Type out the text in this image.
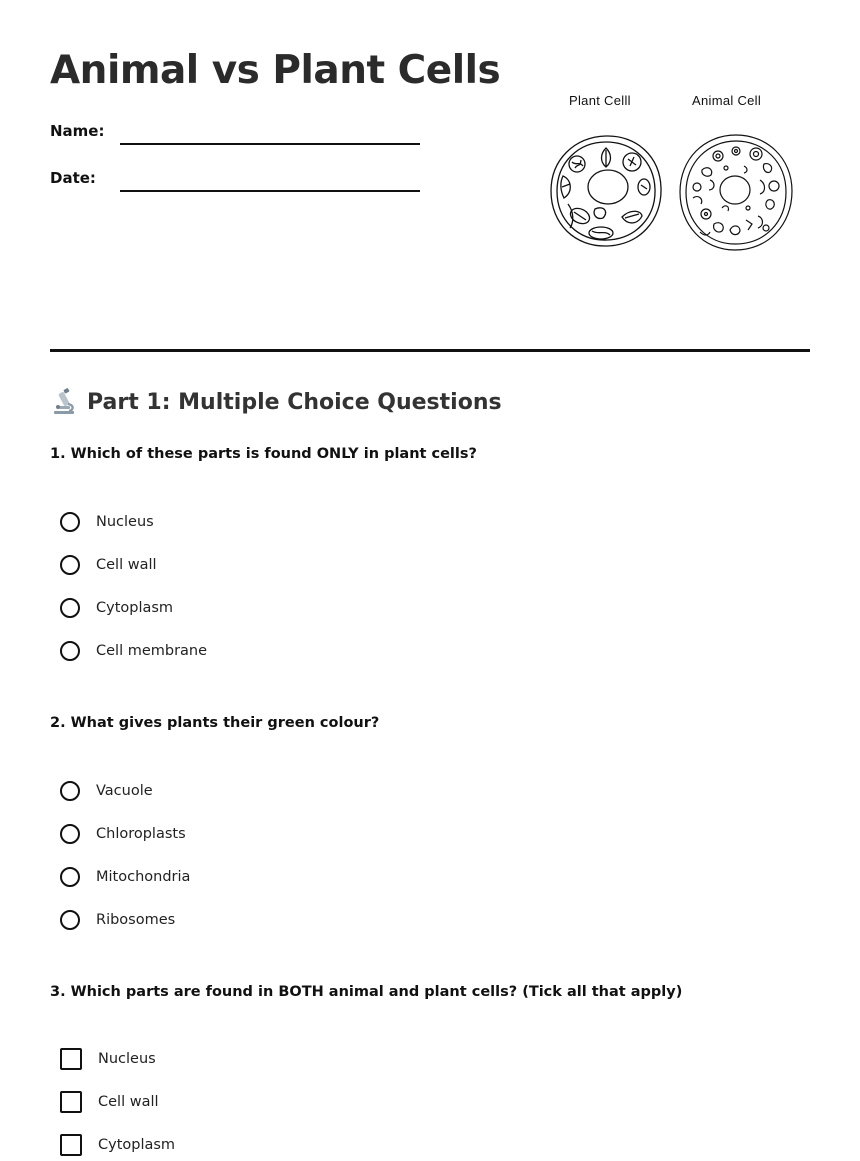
Animal vs Plant Cells
Name:
Date:
Plant Celll	Animal Cell
Part 1: Multiple Choice Questions
1. Which of these parts is found ONLY in plant cells?
Nucleus
Cell wall
Cytoplasm
Cell membrane
2. What gives plants their green colour?
Vacuole
Chloroplasts
Mitochondria
Ribosomes
3. Which parts are found in BOTH animal and plant cells? (Tick all that apply)
Nucleus
Cell wall
Cytoplasm
